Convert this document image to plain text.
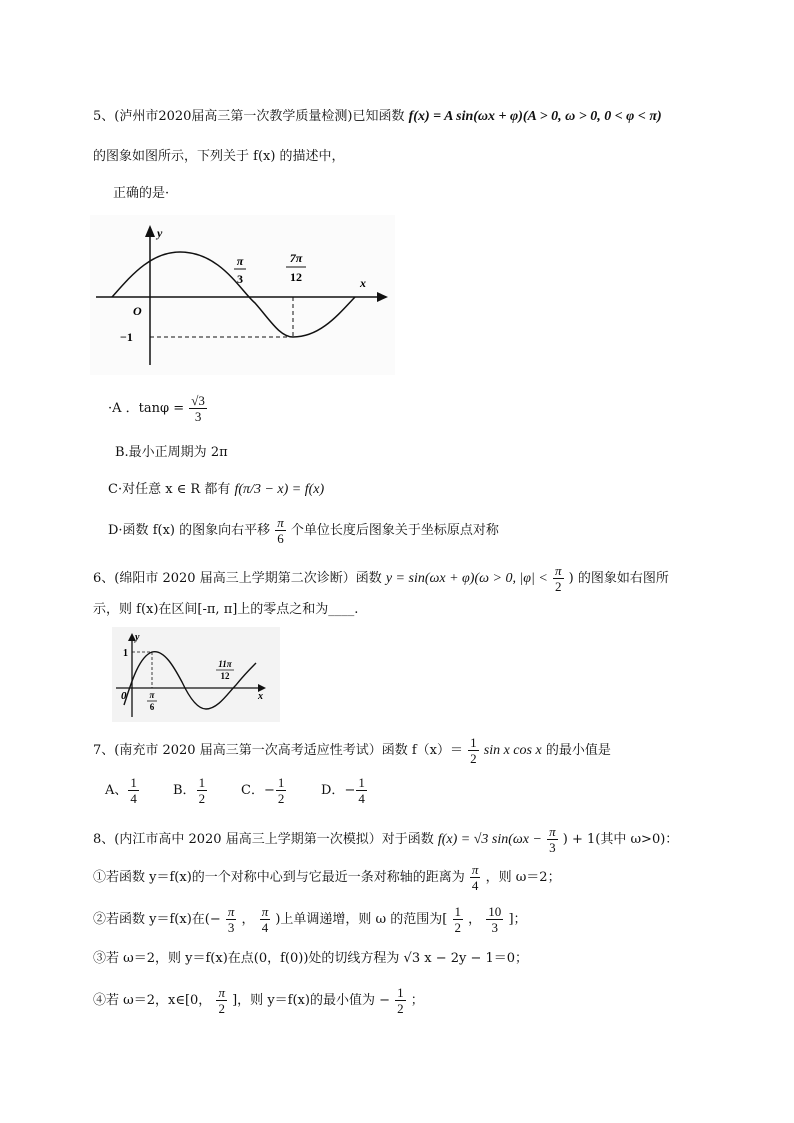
5、(泸州市2020届高三第一次教学质量检测)已知函数 f(x) = A sin(ωx + φ)(A > 0, ω > 0, 0 < φ < π)
的图象如图所示，下列关于 f(x) 的描述中，
正确的是·
y
x
O
−1
π
3
7π
12
·A ．$\tan\varphi = \frac{√3}{3}$
B.最小正周期为 2π
C·对任意 x ∈ R 都有 f(π/3 − x) = f(x)
D·函数 f(x) 的图象向右平移 $\frac{\pi}{6}$ 个单位长度后图象关于坐标原点对称
6、(绵阳市 2020 届高三上学期第二次诊断）函数 y = sin(ωx + φ)(ω > 0, $|\varphi| < \frac{\pi}{2}$ ) 的图象如右图所
示，则 f(x)在区间[-π, π]上的零点之和为____.
y
x
0
1
π
6
11π
12
7、(南充市 2020 届高三第一次高考适应性考试）函数 $f(x)= \frac{1}{2}$ sin x cos x 的最小值是
A、 $\frac{1}{4}$	B． $\frac{1}{2}$	C．− $\frac{1}{2}$	D．− $\frac{1}{4}$
8、(内江市高中 2020 届高三上学期第一次模拟）对于函数 f(x) = √3 $\sin(\omega x - \frac{\pi}{3}$ ) + 1(其中 ω>0)：
①若函数 y＝f(x)的一个对称中心到与它最近一条对称轴的距离为 $\frac{\pi}{4}$ ，则 ω＝2；
②若函数 y＝f(x)在(− $\frac{\pi}{3}$ ， $\frac{\pi}{4}$ )上单调递增，则 ω 的范围为[ $\frac{1}{2}$ ， $\frac{10}{3}$ ]；
③若 ω＝2，则 y＝f(x)在点(0，f(0))处的切线方程为 √3 x − 2y − 1＝0；
④若 ω＝2，x∈[0， $\frac{\pi}{2}$ ]，则 y＝f(x)的最小值为 − $\frac{1}{2}$ ；
